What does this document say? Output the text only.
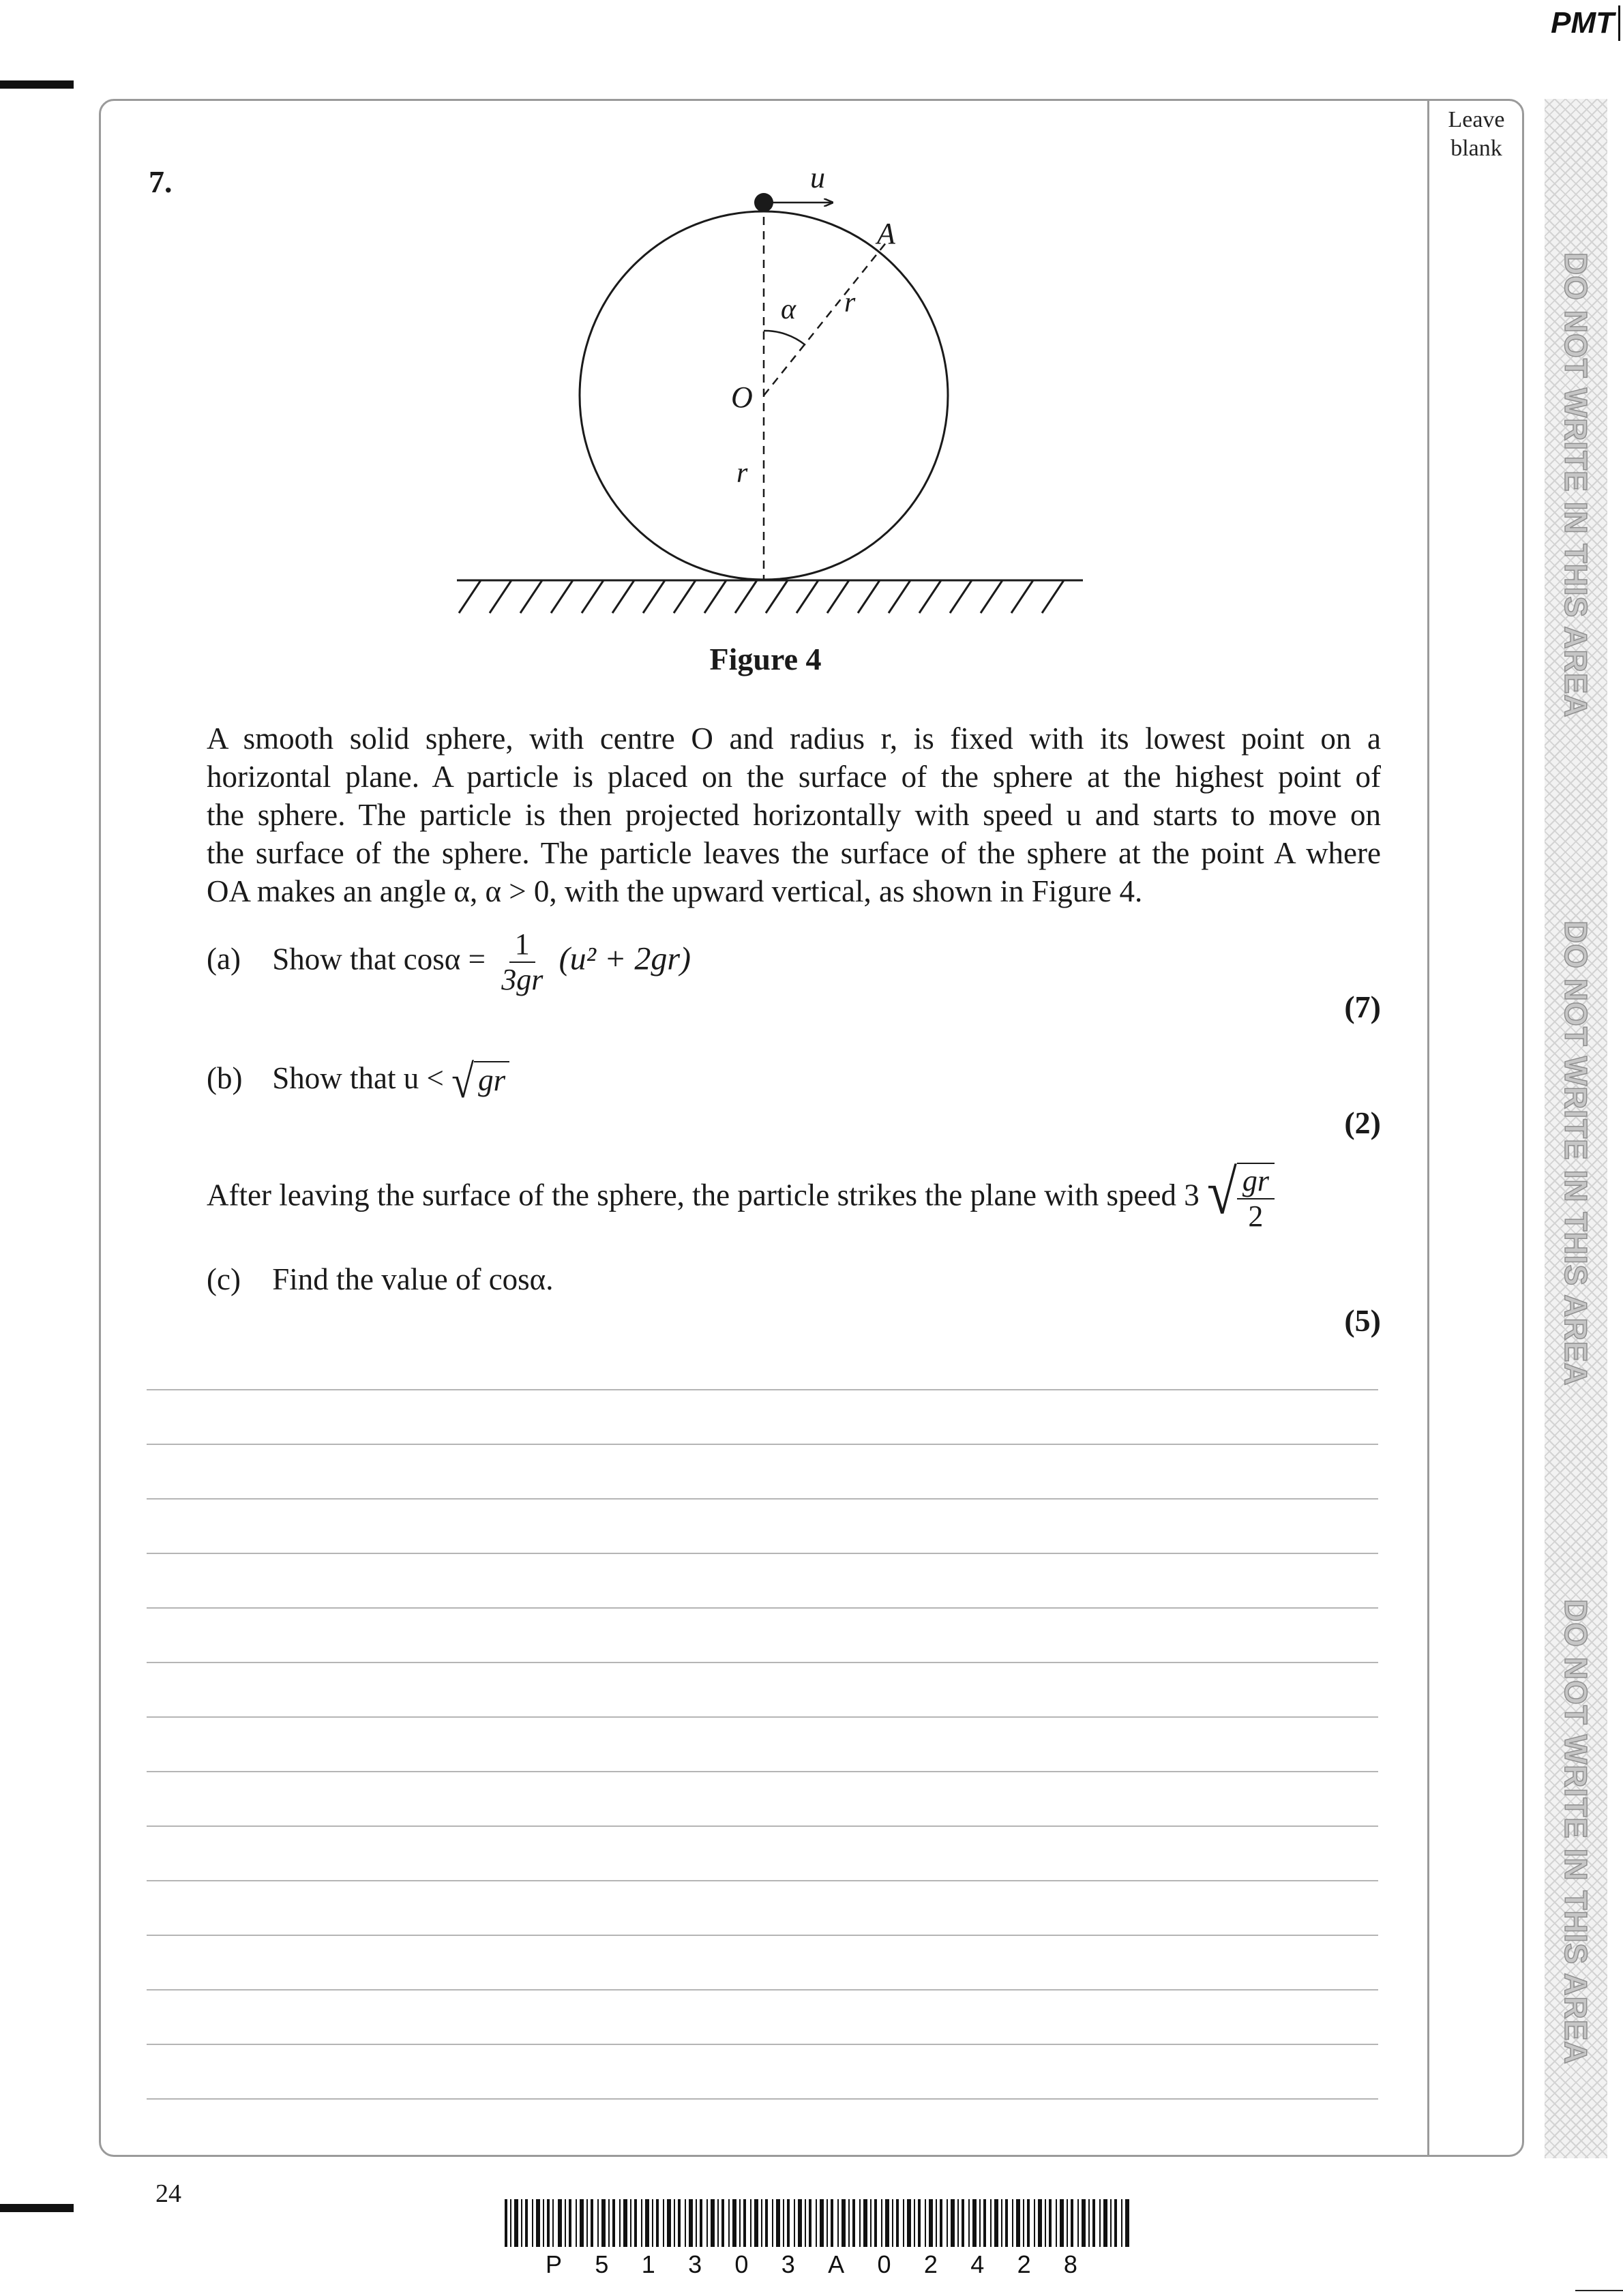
PMT
Leave blank
DO NOT WRITE IN THIS AREA
DO NOT WRITE IN THIS AREA
DO NOT WRITE IN THIS AREA
7.	u
A
α r
O
r
Figure 4
A smooth solid sphere, with centre O and radius r, is fixed with its lowest point on a
horizontal plane. A particle is placed on the surface of the sphere at the highest point of
the sphere. The particle is then projected horizontally with speed u and starts to move on
the surface of the sphere. The particle leaves the surface of the sphere at the point A where
OA makes an angle α, α > 0, with the upward vertical, as shown in Figure 4.
(a) Show that $\cos\alpha = \frac{1}{3gr} (u^2 + 2gr)$
(7)
(b) Show that u < √ gr
(2)
After leaving the surface of the sphere, the particle strikes the plane with speed 3 √ $\frac{gr}{2}$
(c) Find the value of cosα.
(5)
24
P 5 1 3 0 3 A 0 2 4 2 8
